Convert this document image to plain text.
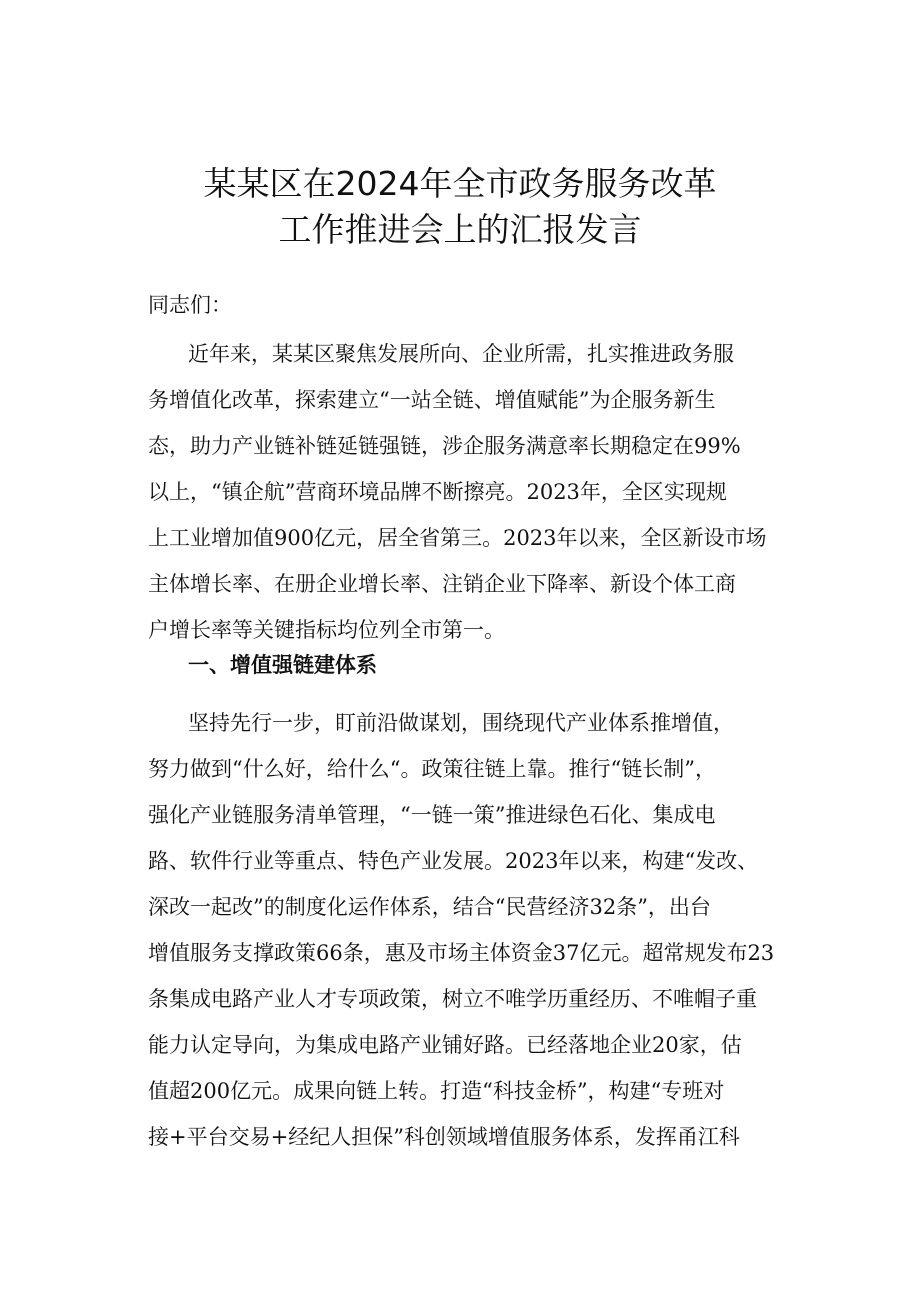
某某区在2024年全市政务服务改革
工作推进会上的汇报发言

同志们：

近年来，某某区聚焦发展所向、企业所需，扎实推进政务服

务增值化改革，探索建立“一站全链、增值赋能”为企服务新生

态，助力产业链补链延链强链，涉企服务满意率长期稳定在99%

以上，“镇企航”营商环境品牌不断擦亮。2023年，全区实现规

上工业增加值900亿元，居全省第三。2023年以来，全区新设市场

主体增长率、在册企业增长率、注销企业下降率、新设个体工商

户增长率等关键指标均位列全市第一。

一、增值强链建体系

坚持先行一步，盯前沿做谋划，围绕现代产业体系推增值，

努力做到“什么好，给什么“。政策往链上靠。推行“链长制”，

强化产业链服务清单管理，“一链一策”推进绿色石化、集成电

路、软件行业等重点、特色产业发展。2023年以来，构建“发改、

深改一起改”的制度化运作体系，结合“民营经济32条”，出台

增值服务支撑政策66条，惠及市场主体资金37亿元。超常规发布23

条集成电路产业人才专项政策，树立不唯学历重经历、不唯帽子重

能力认定导向，为集成电路产业铺好路。已经落地企业20家，估

值超200亿元。成果向链上转。打造“科技金桥”，构建“专班对

接+平台交易+经纪人担保”科创领域增值服务体系，发挥甬江科
